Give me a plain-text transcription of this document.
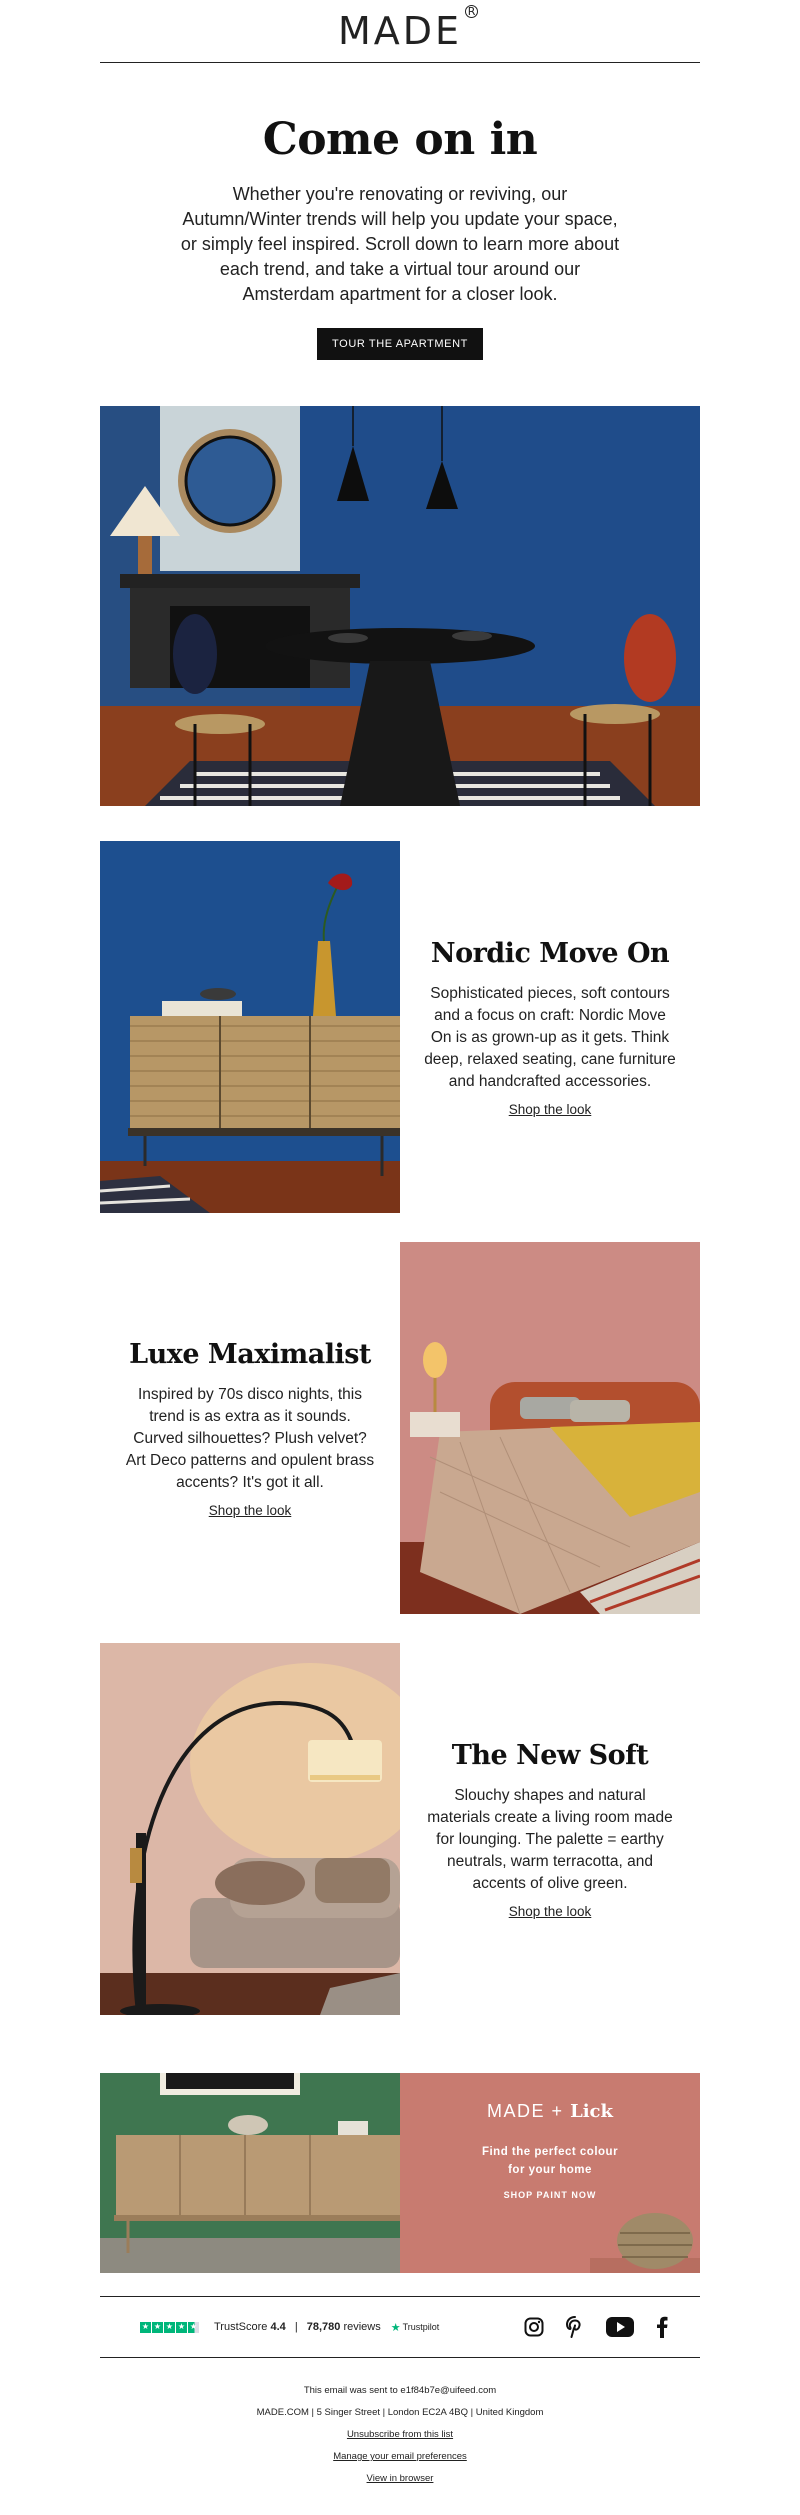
MADE R
Come on in

Whether you're renovating or reviving, our Autumn/Winter trends will help you update your space, or simply feel inspired. Scroll down to learn more about each trend, and take a virtual tour around our Amsterdam apartment for a closer look.

TOUR THE APARTMENT
Nordic Move On

Sophisticated pieces, soft contours and a focus on craft: Nordic Move On is as grown-up as it gets. Think deep, relaxed seating, cane furniture and handcrafted accessories.

Shop the look
Luxe Maximalist

Inspired by 70s disco nights, this trend is as extra as it sounds. Curved silhouettes? Plush velvet? Art Deco patterns and opulent brass accents? It's got it all.

Shop the look
The New Soft

Slouchy shapes and natural materials create a living room made for lounging. The palette = earthy neutrals, warm terracotta, and accents of olive green.

Shop the look
MADE + Lick
Find the perfect colour
for your home
SHOP PAINT NOW
★ ★ ★ ★ ★ TrustScore 4.4 | 78,780 reviews ★ Trustpilot
This email was sent to e1f84b7e@uifeed.com
MADE.COM | 5 Singer Street | London EC2A 4BQ | United Kingdom
Unsubscribe from this list
Manage your email preferences
View in browser
